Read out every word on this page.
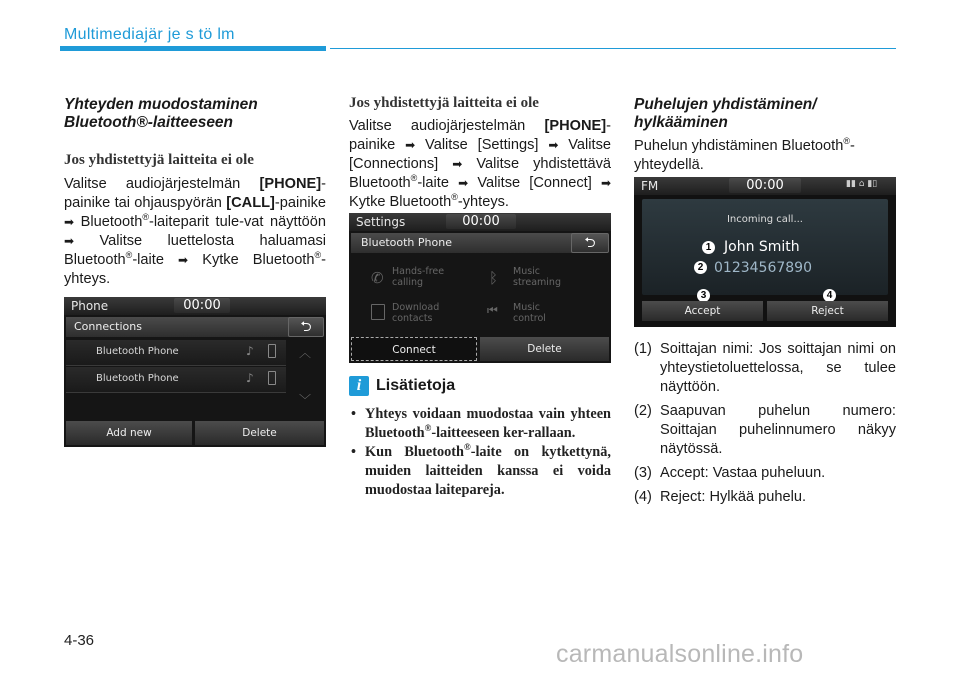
Multimediajär je s tö lm
Yhteyden muodostaminen Bluetooth®-laitteeseen
Jos yhdistettyjä laitteita ei ole
Valitse audiojärjestelmän [PHONE]-painike tai ohjauspyörän [CALL]-painike ➡ Bluetooth®-laiteparit tule-vat näyttöön ➡ Valitse luettelosta haluamasi Bluetooth®-laite ➡ Kytke Bluetooth®-yhteys.
Phone	00:00
Connections	⮌
Bluetooth Phone	♪
Bluetooth Phone	♪
︿
﹀
Add new	Delete
Jos yhdistettyjä laitteita ei ole
Valitse audiojärjestelmän [PHONE]-painike ➡ Valitse [Settings] ➡ Valitse [Connections] ➡ Valitse yhdistettävä Bluetooth®-laite ➡ Valitse [Connect] ➡ Kytke Bluetooth®-yhteys.
Settings	00:00
Bluetooth Phone	⮌
✆ Hands-free
calling	ᛒ Music
streaming
Download
contacts
⏮ Music
control
Connect	Delete
i Lisätietoja
• Yhteys voidaan muodostaa vain yhteen Bluetooth®-laitteeseen ker-rallaan.
• Kun Bluetooth®-laite on kytkettynä, muiden laitteiden kanssa ei voida muodostaa laitepareja.
Puhelujen yhdistäminen/ hylkääminen
Puhelun yhdistäminen Bluetooth®-yhteydellä.
FM	00:00	▮▮ ⌂ ▮▯
Incoming call...
1 John Smith
2 01234567890
3	4
Accept	Reject
(1) Soittajan nimi: Jos soittajan nimi on yhteystietoluettelossa, se tulee näyttöön.
(2) Saapuvan puhelun numero: Soittajan puhelinnumero näkyy näytössä.
(3) Accept: Vastaa puheluun.
(4) Reject: Hylkää puhelu.
4-36	carmanualsonline.info
